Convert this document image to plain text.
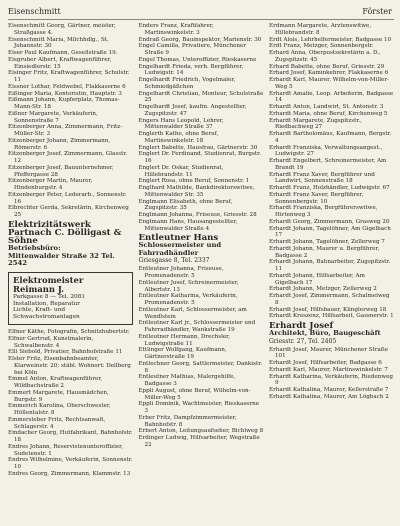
Eisenschmitt	Förster
Eisenschmitt Georg, Gärtner, meister, Straßgasse 4.
Eisenschmitt Maria, Milchhdlg., St. Johannstr. 30
Eiser Paul Kaufmann, Gesellstraße 19.
Eisgruber Albert, Kraftwagenführer, Einsiedlerstr. 15
Eisinger Fritz, Kraftwagenführer, Schulstr. 11
Eissner Lothar, Feldwebel, Flakkaserne 6
Eißinger Maria, Kontoristin, Hauptstr. 3
Eißmann Johann, Kupferplatz, Thomas-Mann-Str. 18
Eißner Margarete, Verkäuferin, Sonnenstraße 7
Eitzenberger Anna, Zimmermann, Fritz-Müller-Str. 3
Eitzenberger Johann, Zimmermann, Römerstr. 6
Eitzenberger Josef, Zimmermann, Glasstr. 12
Eitzenberger Josef, Bauunternehmer, Pfeffergasse 28
Eitzenberger Martin, Maurer, Hindenburgstr. 4
Eitzenberger Peter, Lederarb., Sonnenstr. 16
Elbrechter Gerda, Sekretärin, Kirchenweg 25
Elektrizitätswerk Partnach C. Dölligast & Söhne
Betriebsbüro:
Mittenwalder Straße 32 Tel. 2542
Elektromeister Reimann J.
Parkgasse 8 — Tel. 2081
Installation, Reparatur
Lichte, Kraft- und Schwachstromanlagen
Elfner Käthe, Fotografin, Schnitzhubertstr.
Elfner Gertrud, Kunstmalerin, Schwalbenstr. 4
Elli Siebold, Privatier, Bahnhofstraße 11
Elster Fritz, Eisenbahnbeamter, Klarweinstr. 20; stäbl. Wohnort: Dellberg bei Köln
Emmel Anton, Kraftwagenführer, Wildbachstraße 2
Emmert Margarete, Hausmädchen, Burgstr. 9
Emmerich Karolina, Oberschwester, Höllentalstr. 8
Emmersleber Fritz, Rechtsanwalt, Schlagerstr. 4
Emdacher Georg, Hutfabrikant, Bahnhofstr. 18
Endres Johann, Reservistenunteroffizier, Sudetenstr. 1
Endres Wilhelmine, Verkäuferin, Sonnenstr. 10
Endres Georg, Zimmermann, Klammstr. 13
Enders Franz, Kraftfahrer, Martinswinkelstr. 3
Endraß Georg, Bauinspektor, Marienstr. 30
Engel Camilla, Privatiere, Münchener Straße 9
Engel Thomas, Unteroffizier, Rieskaserne
Engelhardt Frieda, verh. Bergführer, Ludwigstr. 14
Engelhardt Friedrich, Vogelmaler, Schmiedgäßchen
Engelhardt Christian, Monteur, Schulstraße 25
Engelhardt Josef, kaufm. Angestellter, Zugspitzstr. 47
Engers Hans Leopold, Lehrer, Mittenwalder Straße 37
Englerth Kathe, ohne Beruf, Martinswinkelstr. 18
Englert Babette, Hausfrau, Gärtnerstr. 30
Englert Dr. Ferdinand, Studienrat, Burgstr. 16
Englert Dr. Oskar, Studienrat, Hillebrandstr. 11
Englert Rosa, ohne Beruf, Sonnenstr. 1
Englhard Mathilde, Bankdirektorswitwe, Mittenwalder Str. 35
Englmann Elisabeth, ohne Beruf, Zugspitzstr. 35
Englmann Johanna, Friseuse, Griesstr. 28
Englmann Hans, Hausangestellter, Mittenwalder Straße 4
Entleutner Hans
Schlossermeister und Fahrradhändler
Griesgasse 8, Tel. 2337
Entleutner Johanna, Friseuse, Promenadenstr. 5
Entleutner Josef, Schreinermeister, Albertstr. 13
Entleutner Katharina, Verkäuferin, Promenadenstr. 5
Entleutner Karl, Schlossermeister, am Wendlstein
Entleutner Karl jr., Schlossermeister und Fahrradhändler, Wankstraße 19
Entleutner Hermann, Drechsler, Ludwigstraße 11
Ettlinger Wolfgang, Kaufmann, Gärtnerstraße 19
Entlechner Georg, Sattlermeister, Dankistr. 8
Entleutner Mathias, Malergehilfe, Badgasse 3
Eppli August, ohne Beruf, Wilhelm-von-Miller-Weg 5
Eppli Dominik, Wachtmeister, Rieskaserne 3
Erber Fritz, Dampfzimmermeister, Bahnhofstr. 8
Erbert Anton, Leitungsaufseher, Bichlweg 8
Erdinger Ludwig, Hilfsarbeiter, Wegstraße 22
Erdmann Margarete, Arztenswitwe, Hillebrandstr. 8
Erdt Alois, Lehrhelfermeister, Badgasse 10
Erdt Franz, Metzger, Sonnenbergstr.
Erhard Anna, Oberpostsekretärin a. D., Zugspitzstr. 45
Erhard Babette, ohne Beruf, Griesstr. 29
Erhard Josef, Kaminkehrer, Flakkaserne 6
Erhardt Karl, Maurer, Wilhelm-von-Miller-Weg 5
Erhardt Amalie, Leop. Arbeiterin, Badgasse 14
Erhardt Anton, Landwirt, St. Antonstr. 3
Erhardt Maria, ohne Beruf, Kirchenweg 5
Erhardt Margarete, Zugspitzstr., Riedbachweg 27
Erhardt Bartholomäus, Kaufmann, Bergstr. 4
Erhardt Franziska, Verwaltungsangest., Ludwigstr. 27
Erhardt Engelbert, Schreinermeister, Am Brandt 19
Erhardt Franz Xaver, Bergführer und Landwirt, Sonnenstraße 18
Erhardt Franz, Holzhändler, Ludwigstr. 67
Erhardt Franz Xaver, Bergführer, Sonnenbergstr. 10
Erhardt Franziska, Bergführerswitwe, Hirtenweg 3
Erhardt Georg, Zimmermann, Grasweg 20
Erhardt Johann, Tagelöhner, Am Gigelbach 17
Erhardt Johann, Tagelöhner, Zellerweg 7
Erhardt Johann, Maurer u. Bergführer, Badgasse 2
Erhardt Johann, Bahnarbeiter, Zugspitzstr. 11
Erhardt Johann, Hilfsarbeiter, Am Gigelbach 17
Erhardt Johann, Metzger, Zellerweg 2
Erhardt Josef, Zimmermann, Schalmeiweg 8
Erhardt Josef, Hilfsbauer, Klinglerweg 18
Erhardt Kreszenz, Hilfsarbeit, Gassnerstr. 1
Erhardt Josef
Architekt, Büro, Baugeschäft
Griesstr. 27, Tel. 2405
Erhardt Josef, Maurer, Münchener Straße 101
Erhardt Josef, Hilfsarbeiter, Badgasse 6
Erhardt Karl, Maurer, Martinswinkelstr. 7
Erhardt Katharina, Verkäuferin, Riedenweg 9
Erhardt Kathalina, Maurer, Kellerstraße 7
Erhardt Kathalina, Maurer, Am Lögbach 2
